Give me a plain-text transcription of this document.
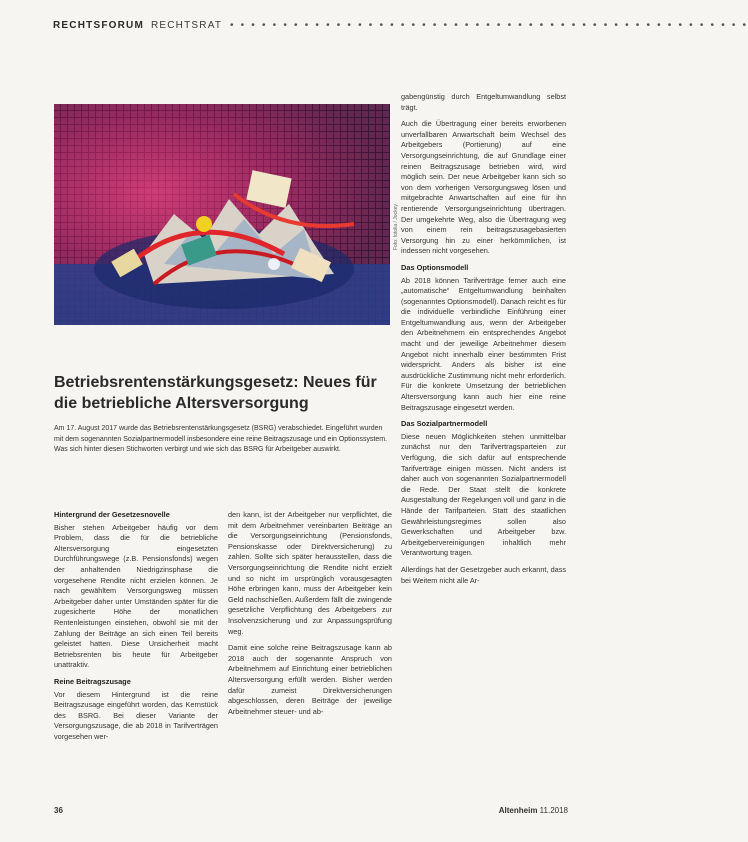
RECHTSFORUM RECHTSRAT • • • • • • • • • • • • • • • • • • • • • • • • • • • • • • • • • • • • • • • • • • • • • • • • •
Foto: fotolia / Jockey
Betriebsrentenstärkungsgesetz: Neues für die betriebliche Altersversorgung

Am 17. August 2017 wurde das Betriebsrentenstärkungsgesetz (BSRG) verabschiedet. Eingeführt wurden mit dem sogenannten Sozialpartnermodell insbesondere eine reine Beitragszusage und ein Optionssystem. Was sich hinter diesen Stichworten verbirgt und wie sich das BSRG für Arbeitgeber auswirkt.

Hintergrund der Gesetzesnovelle

Bisher stehen Arbeitgeber häufig vor dem Problem, dass die für die betriebliche Altersversorgung eingesetzten Durchführungswege (z.B. Pensionsfonds) wegen der anhaltenden Niedrigzinsphase die vorgesehene Rendite nicht erzielen können. Je nach gewähltem Versorgungsweg müssen Arbeitgeber daher unter Umständen später für die zugesicherte Höhe der monatlichen Rentenleistungen einstehen, obwohl sie mit der Zahlung der Beiträge an sich einen Teil bereits geleistet hatten. Diese Unsicherheit macht Betriebsrenten bis heute für Arbeitgeber unattraktiv.

Reine Beitragszusage

Vor diesem Hintergrund ist die reine Beitragszusage eingeführt worden, das Kernstück des BSRG. Bei dieser Variante der Versorgungszusage, die ab 2018 in Tarifverträgen vorgesehen wer-

den kann, ist der Arbeitgeber nur verpflichtet, die mit dem Arbeitnehmer vereinbarten Beiträge an die Versorgungseinrichtung (Pensionsfonds, Pensionskasse oder Direktversicherung) zu zahlen. Sollte sich später herausstellen, dass die Versorgungseinrichtung die Rendite nicht erzielt und so nicht im ursprünglich vorausgesagten Höhe erbringen kann, muss der Arbeitgeber kein Geld nachschießen. Außerdem fällt die zwingende gesetzliche Verpflichtung des Arbeitgebers zur Insolvenzsicherung und zur Anpassungsprüfung weg.

Damit eine solche reine Beitragszusage kann ab 2018 auch der sogenannte Anspruch von Arbeitnehmern auf Einrichtung einer betrieblichen Altersversorgung erfüllt werden. Bisher werden dafür zumeist Direktversicherungen abgeschlossen, deren Beiträge der jeweilige Arbeitnehmer steuer- und ab-

gabengünstig durch Entgeltumwandlung selbst trägt.

Auch die Übertragung einer bereits erworbenen unverfallbaren Anwartschaft beim Wechsel des Arbeitgebers (Portierung) auf eine Versorgungseinrichtung, die auf Grundlage einer reinen Beitragszusage betrieben wird, wird möglich sein. Der neue Arbeitgeber kann sich so von dem vorherigen Versorgungsweg lösen und mitgebrachte Anwartschaften auf eine für ihn rentierende Versorgungseinrichtung übertragen. Der umgekehrte Weg, also die Übertragung weg von einem rein beitragszusagebasierten Versorgung hin zu einer herkömmlichen, ist indessen nicht vorgesehen.

Das Optionsmodell

Ab 2018 können Tarifverträge ferner auch eine „automatische“ Entgeltumwandlung beinhalten (sogenanntes Optionsmodell). Danach reicht es für die individuelle verbindliche Einführung einer Entgeltumwandlung aus, wenn der Arbeitgeber den Arbeitnehmern ein entsprechendes Angebot macht und der jeweilige Arbeitnehmer diesem Angebot nicht innerhalb einer bestimmten Frist widerspricht. Anders als bisher ist eine ausdrückliche Zustimmung nicht mehr erforderlich. Für die konkrete Umsetzung der betrieblichen Altersversorgung kann auch hier eine reine Beitragszusage eingesetzt werden.

Das Sozialpartnermodell

Diese neuen Möglichkeiten stehen unmittelbar zunächst nur den Tarifvertragsparteien zur Verfügung, die sich dafür auf entsprechende Tarifverträge einigen müssen. Nicht anders ist daher auch von sogenannten Sozialpartnermodell die Rede. Der Staat stellt die konkrete Ausgestaltung der Regelungen voll und ganz in die Hände der Tarifparteien. Statt des staatlichen Gewährleistungsregimes sollen also Gewerkschaften und Arbeitgeber bzw. Arbeitgebervereinigungen inhaltlich mehr Verantwortung tragen.

Allerdings hat der Gesetzgeber auch erkannt, dass bei Weitem nicht alle Ar-

36	Altenheim 11.2018
